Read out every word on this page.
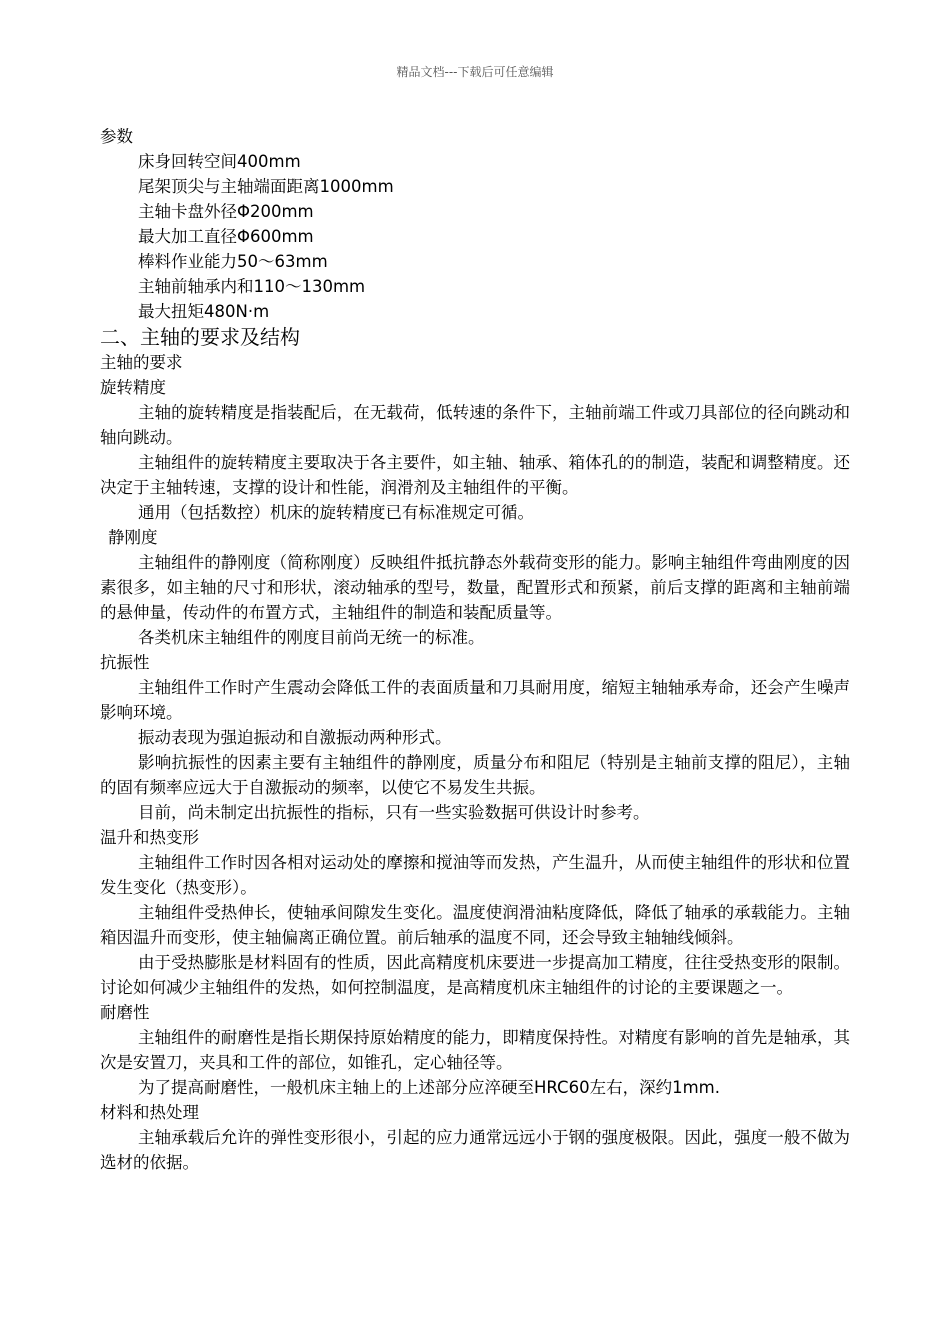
精品文档---下载后可任意编辑

参数

床身回转空间400mm

尾架顶尖与主轴端面距离1000mm

主轴卡盘外径Φ200mm

最大加工直径Φ600mm

棒料作业能力50～63mm

主轴前轴承内和110～130mm

最大扭矩480N·m

二、主轴的要求及结构

主轴的要求

旋转精度

主轴的旋转精度是指装配后，在无载荷，低转速的条件下，主轴前端工件或刀具部位的径向跳动和轴向跳动。

主轴组件的旋转精度主要取决于各主要件，如主轴、轴承、箱体孔的的制造，装配和调整精度。还决定于主轴转速，支撑的设计和性能，润滑剂及主轴组件的平衡。

通用（包括数控）机床的旋转精度已有标准规定可循。

静刚度

主轴组件的静刚度（简称刚度）反映组件抵抗静态外载荷变形的能力。影响主轴组件弯曲刚度的因素很多，如主轴的尺寸和形状，滚动轴承的型号，数量，配置形式和预紧，前后支撑的距离和主轴前端的悬伸量，传动件的布置方式，主轴组件的制造和装配质量等。

各类机床主轴组件的刚度目前尚无统一的标准。

抗振性

主轴组件工作时产生震动会降低工件的表面质量和刀具耐用度，缩短主轴轴承寿命，还会产生噪声影响环境。

振动表现为强迫振动和自激振动两种形式。

影响抗振性的因素主要有主轴组件的静刚度，质量分布和阻尼（特别是主轴前支撑的阻尼），主轴的固有频率应远大于自激振动的频率，以使它不易发生共振。

目前，尚未制定出抗振性的指标，只有一些实验数据可供设计时参考。

温升和热变形

主轴组件工作时因各相对运动处的摩擦和搅油等而发热，产生温升，从而使主轴组件的形状和位置发生变化（热变形）。

主轴组件受热伸长，使轴承间隙发生变化。温度使润滑油粘度降低，降低了轴承的承载能力。主轴箱因温升而变形，使主轴偏离正确位置。前后轴承的温度不同，还会导致主轴轴线倾斜。

由于受热膨胀是材料固有的性质，因此高精度机床要进一步提高加工精度，往往受热变形的限制。讨论如何减少主轴组件的发热，如何控制温度，是高精度机床主轴组件的讨论的主要课题之一。

耐磨性

主轴组件的耐磨性是指长期保持原始精度的能力，即精度保持性。对精度有影响的首先是轴承，其次是安置刀，夹具和工件的部位，如锥孔，定心轴径等。

为了提高耐磨性，一般机床主轴上的上述部分应淬硬至HRC60左右，深约1mm.

材料和热处理

主轴承载后允许的弹性变形很小，引起的应力通常远远小于钢的强度极限。因此，强度一般不做为选材的依据。
